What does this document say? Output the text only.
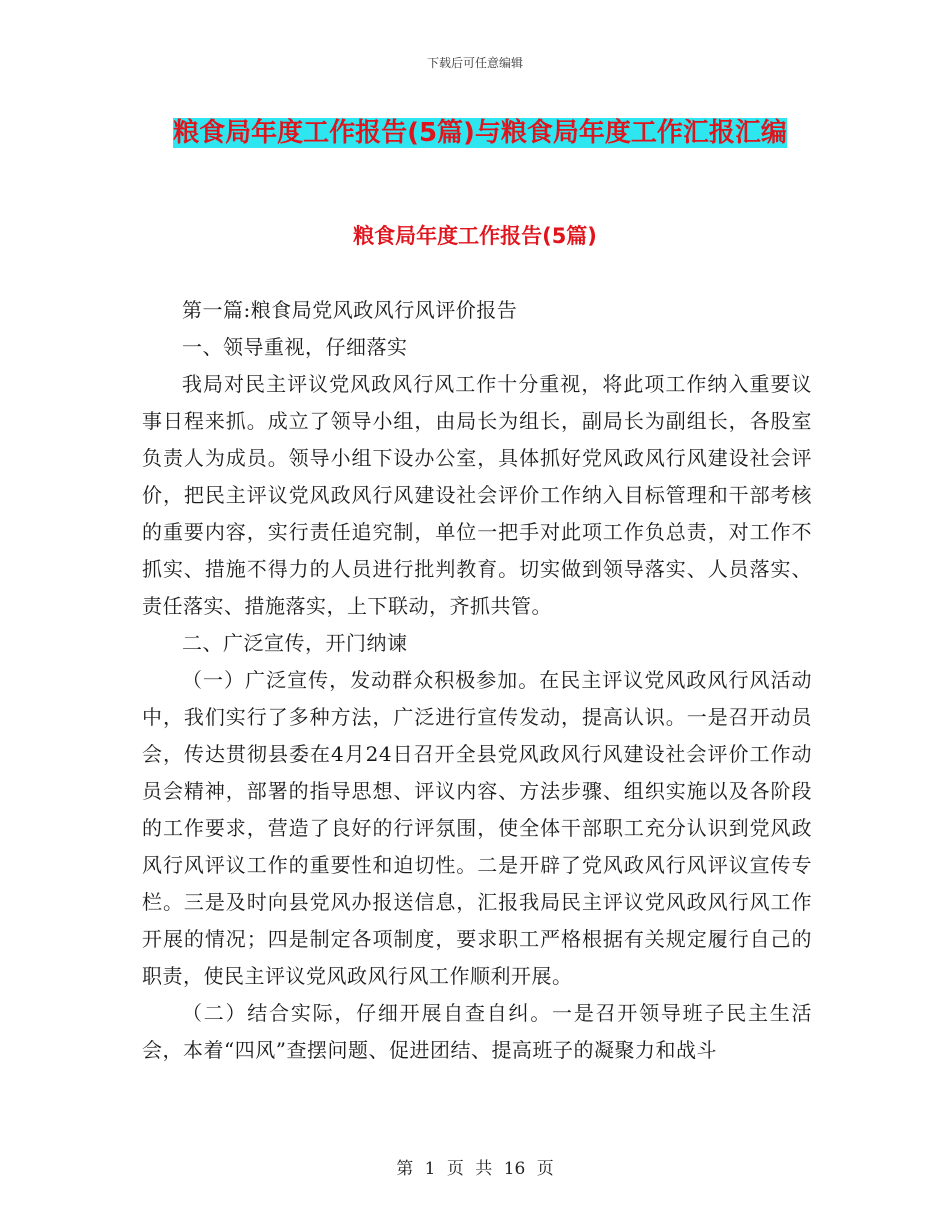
下载后可任意编辑
粮食局年度工作报告(5篇)与粮食局年度工作汇报汇编
粮食局年度工作报告(5篇)

第一篇:粮食局党风政风行风评价报告

一、领导重视，仔细落实

我局对民主评议党风政风行风工作十分重视，将此项工作纳入重要议事日程来抓。成立了领导小组，由局长为组长，副局长为副组长，各股室负责人为成员。领导小组下设办公室，具体抓好党风政风行风建设社会评价，把民主评议党风政风行风建设社会评价工作纳入目标管理和干部考核的重要内容，实行责任追究制，单位一把手对此项工作负总责，对工作不抓实、措施不得力的人员进行批判教育。切实做到领导落实、人员落实、责任落实、措施落实，上下联动，齐抓共管。

二、广泛宣传，开门纳谏

（一）广泛宣传，发动群众积极参加。在民主评议党风政风行风活动中，我们实行了多种方法，广泛进行宣传发动，提高认识。一是召开动员会，传达贯彻县委在4月24日召开全县党风政风行风建设社会评价工作动员会精神，部署的指导思想、评议内容、方法步骤、组织实施以及各阶段的工作要求，营造了良好的行评氛围，使全体干部职工充分认识到党风政风行风评议工作的重要性和迫切性。二是开辟了党风政风行风评议宣传专栏。三是及时向县党风办报送信息，汇报我局民主评议党风政风行风工作开展的情况；四是制定各项制度，要求职工严格根据有关规定履行自己的职责，使民主评议党风政风行风工作顺利开展。

（二）结合实际，仔细开展自查自纠。一是召开领导班子民主生活会，本着“四风”查摆问题、促进团结、提高班子的凝聚力和战斗

第 1 页 共 16 页
